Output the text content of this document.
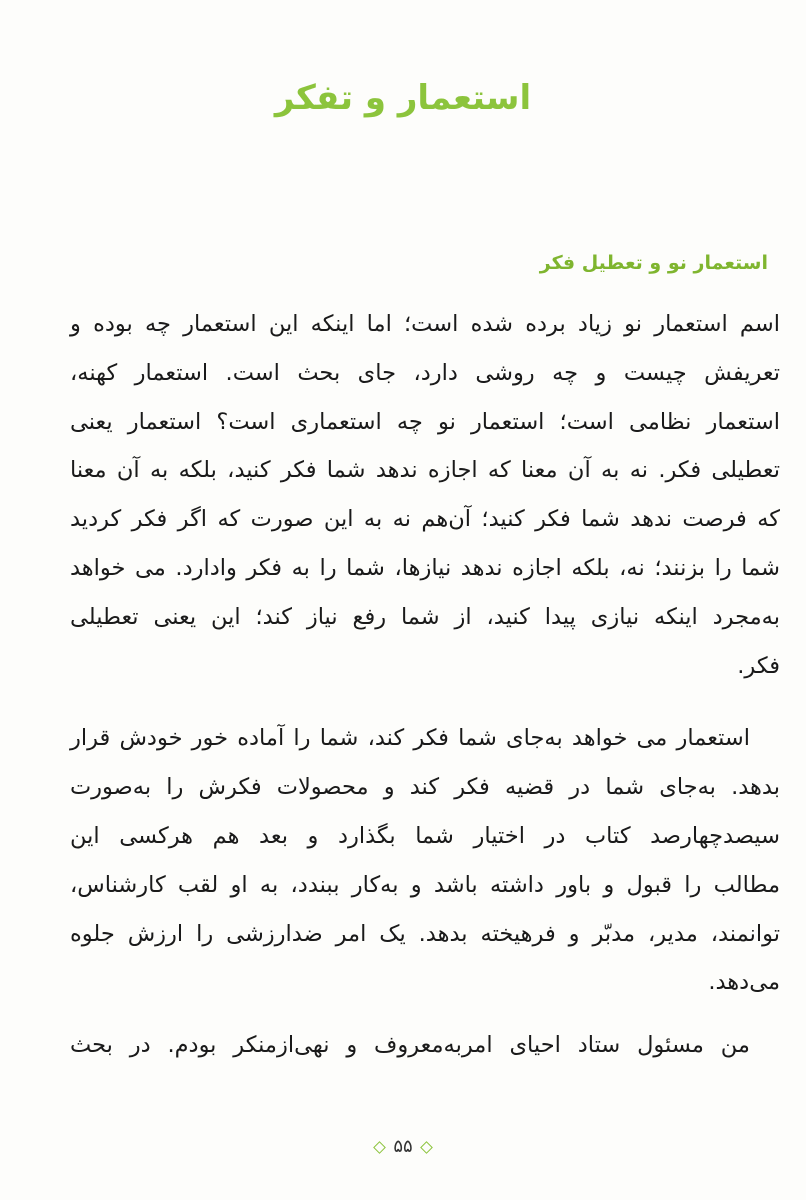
استعمار و تفکر
استعمار نو و تعطیل فکر
اسم استعمار نو زیاد برده شده است؛ اما اینکه این استعمار چه بوده و
تعریفش چیست و چه روشی دارد، جای بحث است. استعمار کهنه،
استعمار نظامی است؛ استعمار نو چه استعماری است؟ استعمار یعنی
تعطیلی فکر. نه به آن معنا که اجازه ندهد شما فکر کنید، بلکه به آن معنا
که فرصت ندهد شما فکر کنید؛ آن‌هم نه به این صورت که اگر فکر کردید
شما را بزنند؛ نه، بلکه اجازه ندهد نیازها، شما را به فکر وادارد. می خواهد
به‌مجرد اینکه نیازی پیدا کنید، از شما رفع نیاز کند؛ این یعنی تعطیلی
فکر.
استعمار می خواهد به‌جای شما فکر کند، شما را آماده خور خودش قرار
بدهد. به‌جای شما در قضیه فکر کند و محصولات فکرش را به‌صورت
سیصدچهارصد کتاب در اختیار شما بگذارد و بعد هم هرکسی این
مطالب را قبول و باور داشته باشد و به‌کار ببندد، به او لقب کارشناس،
توانمند، مدیر، مدبّر و فرهیخته بدهد. یک امر ضدارزشی را ارزش جلوه
می‌دهد.
من مسئول ستاد احیای امربه‌معروف و نهی‌ازمنکر بودم. در بحث
۵۵
